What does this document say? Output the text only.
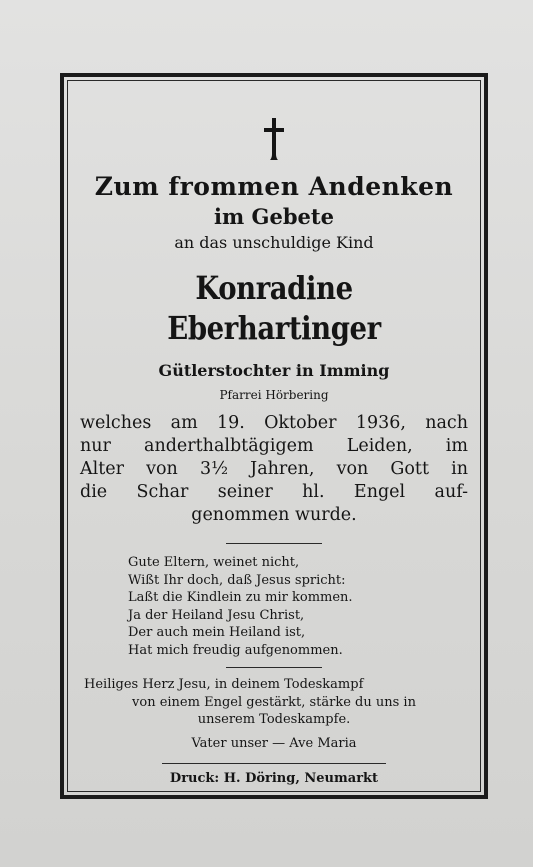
Zum frommen Andenken
im Gebete
an das unschuldige Kind
Konradine Eberhartinger
Gütlerstochter in Imming
Pfarrei Hörbering
welches am 19. Oktober 1936, nach
nur anderthalbtägigem Leiden, im
Alter von 3½ Jahren, von Gott in
die Schar seiner hl. Engel auf-
genommen wurde.
Gute Eltern, weinet nicht,
Wißt Ihr doch, daß Jesus spricht:
Laßt die Kindlein zu mir kommen.
Ja der Heiland Jesu Christ,
Der auch mein Heiland ist,
Hat mich freudig aufgenommen.
Heiliges Herz Jesu, in deinem Todeskampf
von einem Engel gestärkt, stärke du uns in
unserem Todeskampfe.
Vater unser — Ave Maria
Druck: H. Döring, Neumarkt
